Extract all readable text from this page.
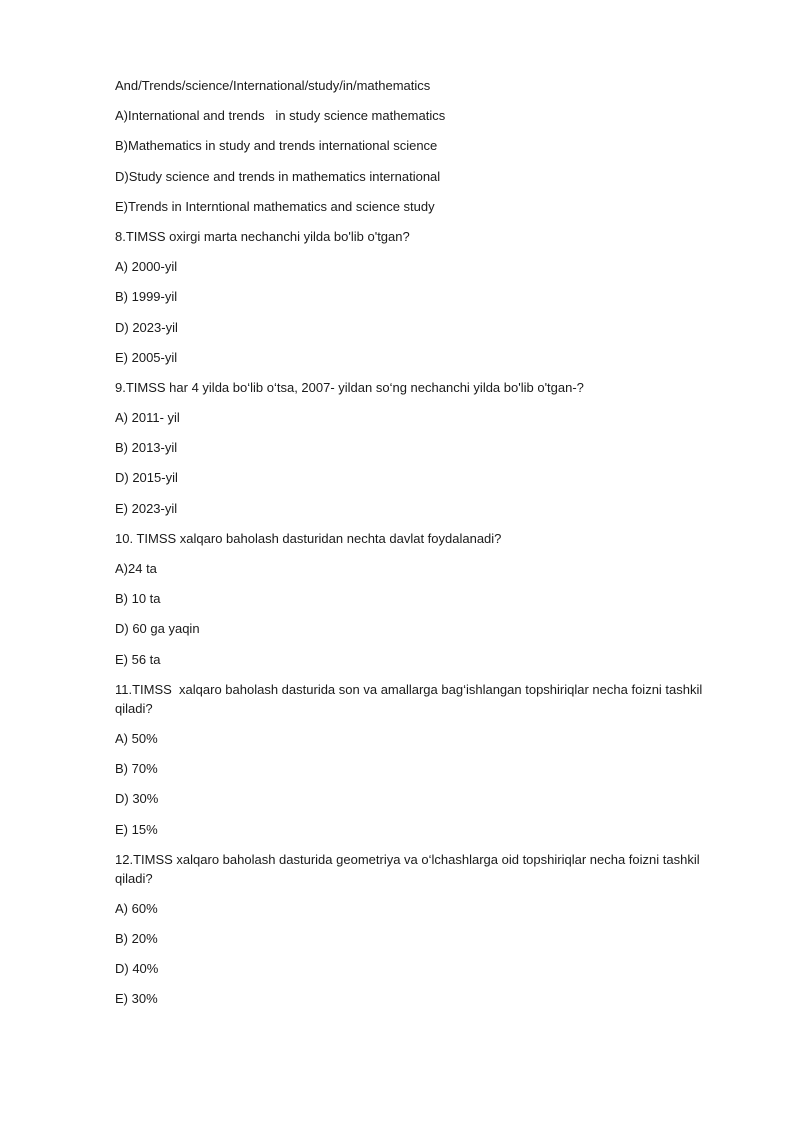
And/Trends/science/International/study/in/mathematics

A)International and trends   in study science mathematics

B)Mathematics in study and trends international science

D)Study science and trends in mathematics international

E)Trends in Interntional mathematics and science study

8.TIMSS oxirgi marta nechanchi yilda bo'lib o'tgan?

A) 2000-yil

B) 1999-yil

D) 2023-yil

E) 2005-yil

9.TIMSS har 4 yilda bo‘lib o‘tsa, 2007- yildan so‘ng nechanchi yilda bo'lib o'tgan-?

A) 2011- yil

B) 2013-yil

D) 2015-yil

E) 2023-yil

10. TIMSS xalqaro baholash dasturidan nechta davlat foydalanadi?

A)24 ta

B) 10 ta

D) 60 ga yaqin

E) 56 ta

11.TIMSS  xalqaro baholash dasturida son va amallarga bag‘ishlangan topshiriqlar necha foizni tashkil qiladi?

A) 50%

B) 70%

D) 30%

E) 15%

12.TIMSS xalqaro baholash dasturida geometriya va o‘lchashlarga oid topshiriqlar necha foizni tashkil qiladi?

A) 60%

B) 20%

D) 40%

E) 30%
